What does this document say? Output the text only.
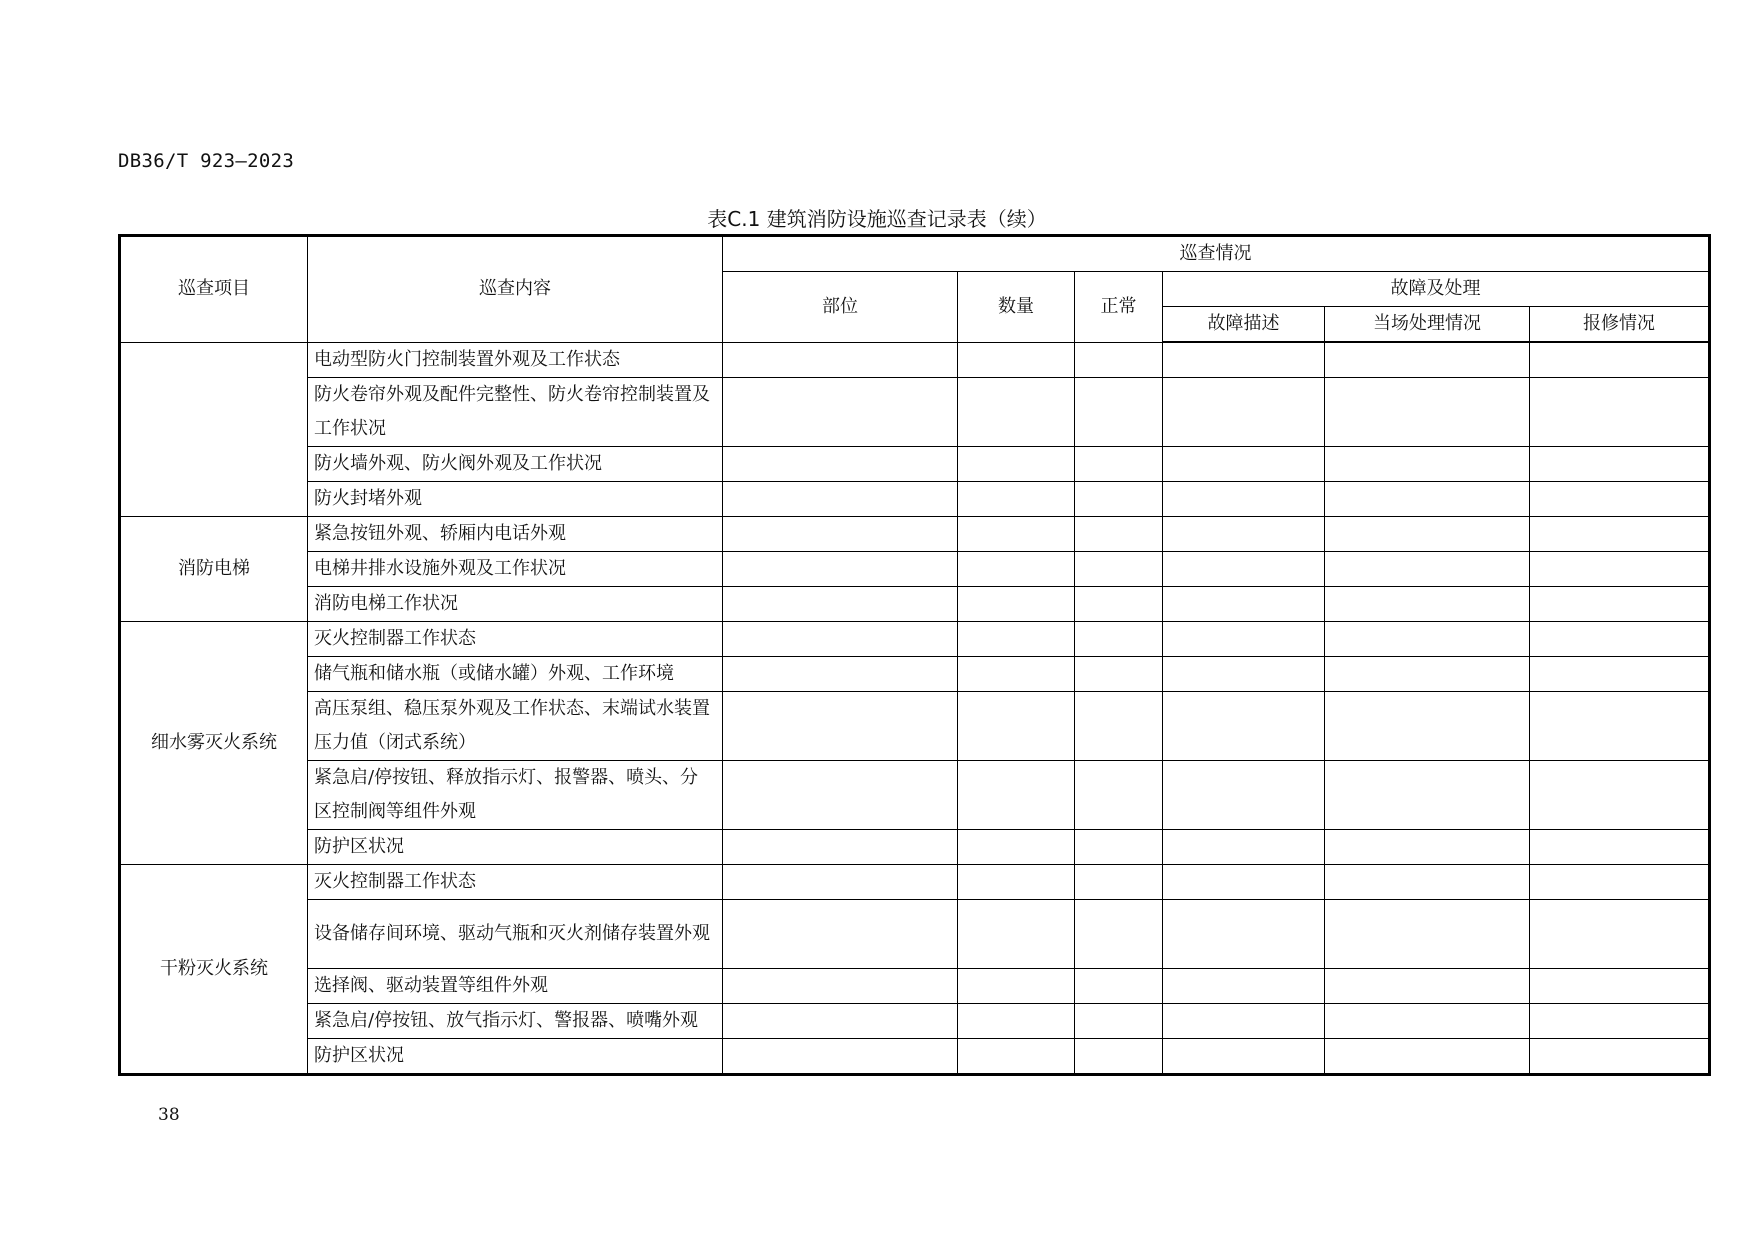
DB36/T 923—2023
表C.1 建筑消防设施巡查记录表（续）
巡查项目	巡查内容	巡查情况					
		部位	数量	正常	故障及处理		
					故障描述	当场处理情况	报修情况
	电动型防火门控制装置外观及工作状态						
	防火卷帘外观及配件完整性、防火卷帘控制装置及工作状况						
	防火墙外观、防火阀外观及工作状况						
	防火封堵外观						
消防电梯	紧急按钮外观、轿厢内电话外观						
	电梯井排水设施外观及工作状况						
	消防电梯工作状况						
细水雾灭火系统	灭火控制器工作状态						
	储气瓶和储水瓶（或储水罐）外观、工作环境						
	高压泵组、稳压泵外观及工作状态、末端试水装置压力值（闭式系统）						
	紧急启/停按钮、释放指示灯、报警器、喷头、分区控制阀等组件外观						
	防护区状况						
干粉灭火系统	灭火控制器工作状态						
	设备储存间环境、驱动气瓶和灭火剂储存装置外观						
	选择阀、驱动装置等组件外观						
	紧急启/停按钮、放气指示灯、警报器、喷嘴外观						
	防护区状况						
38
